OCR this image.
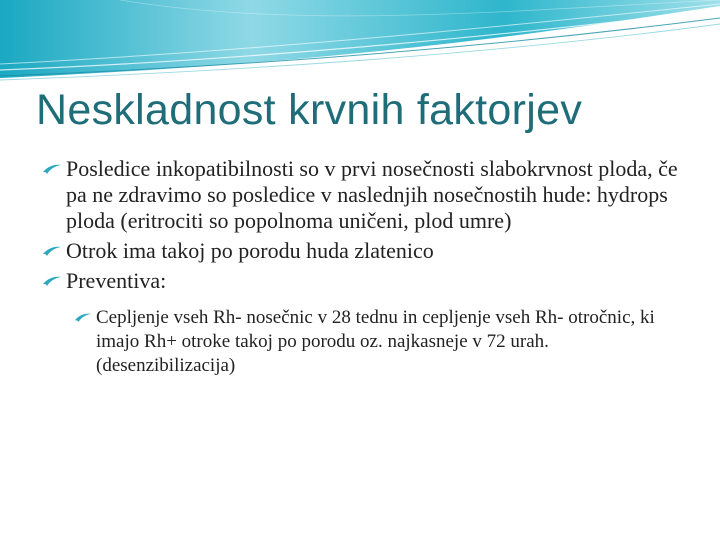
Neskladnost krvnih faktorjev
Posledice inkopatibilnosti so v prvi nosečnosti slabokrvnost ploda, če pa ne zdravimo so posledice v naslednjih nosečnostih hude: hydrops ploda (eritrociti so popolnoma uničeni, plod umre)
Otrok ima takoj po porodu huda zlatenico
Preventiva:
Cepljenje vseh Rh- nosečnic v 28 tednu in cepljenje vseh Rh- otročnic, ki imajo Rh+ otroke takoj po porodu oz. najkasneje v 72 urah. (desenzibilizacija)
